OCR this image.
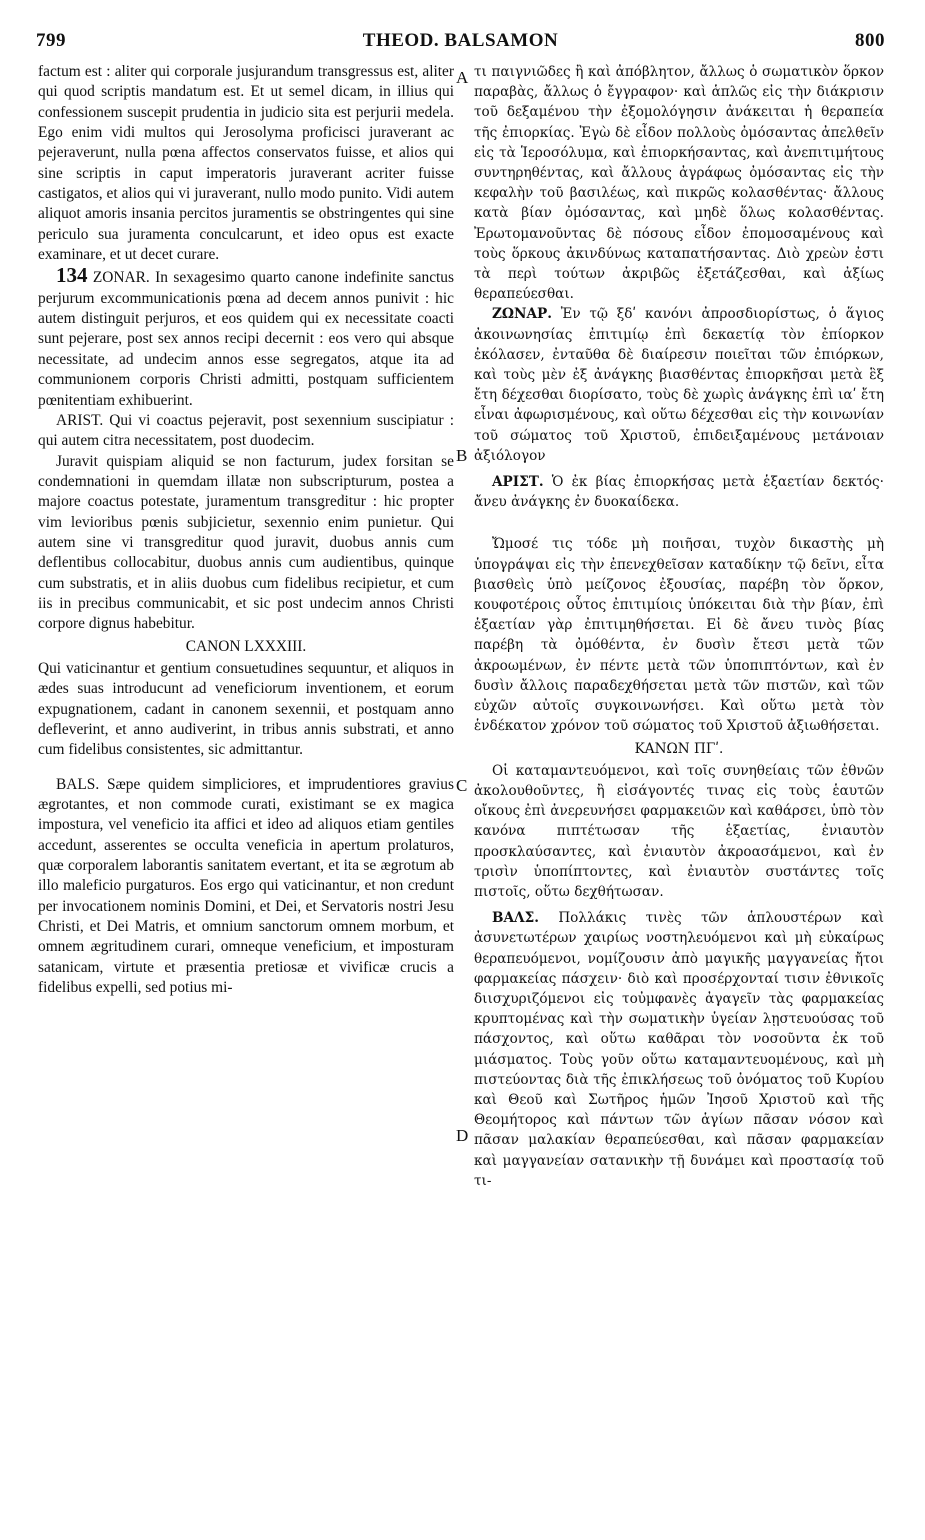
799	THEOD. BALSAMON	800
A
B
C
D

factum est : aliter qui corporale jusjurandum transgressus est, aliter qui quod scriptis mandatum est. Et ut semel dicam, in illius qui confessionem suscepit prudentia in judicio sita est perjurii medela. Ego enim vidi multos qui Jerosolyma proficisci juraverant ac pejeraverunt, nulla pœna affectos conservatos fuisse, et alios qui sine scriptis in caput imperatoris juraverant acriter fuisse castigatos, et alios qui vi juraverant, nullo modo punito. Vidi autem aliquot amoris insania percitos juramentis se obstringentes qui sine periculo sua juramenta conculcarunt, et ideo opus est exacte examinare, et ut decet curare.

134 ZONAR. In sexagesimo quarto canone indefinite sanctus perjurum excommunicationis pœna ad decem annos punivit : hic autem distinguit perjuros, et eos quidem qui ex necessitate coacti sunt pejerare, post sex annos recipi decernit : eos vero qui absque necessitate, ad undecim annos esse segregatos, atque ita ad communionem corporis Christi admitti, postquam sufficientem pœnitentiam exhibuerint.

ARIST. Qui vi coactus pejeravit, post sexennium suscipiatur : qui autem citra necessitatem, post duodecim.

Juravit quispiam aliquid se non facturum, judex forsitan se condemnationi in quemdam illatæ non subscripturum, postea a majore coactus potestate, juramentum transgreditur : hic propter vim levioribus pœnis subjicietur, sexennio enim punietur. Qui autem sine vi transgreditur quod juravit, duobus annis cum deflentibus collocabitur, duobus annis cum audientibus, quinque cum substratis, et in aliis duobus cum fidelibus recipietur, et cum iis in precibus communicabit, et sic post undecim annos Christi corpore dignus habebitur.

CANON LXXXIII.

Qui vaticinantur et gentium consuetudines sequuntur, et aliquos in ædes suas introducunt ad veneficiorum inventionem, et eorum expugnationem, cadant in canonem sexennii, et postquam anno defleverint, et anno audiverint, in tribus annis substrati, et anno cum fidelibus consistentes, sic admittantur.

BALS. Sæpe quidem simpliciores, et imprudentiores gravius ægrotantes, et non commode curati, existimant se ex magica impostura, vel veneficio ita affici et ideo ad aliquos etiam gentiles accedunt, asserentes se occulta veneficia in apertum prolaturos, quæ corporalem laborantis sanitatem evertant, et ita se ægrotum ab illo maleficio purgaturos. Eos ergo qui vaticinantur, et non credunt per invocationem nominis Domini, et Dei, et Servatoris nostri Jesu Christi, et Dei Matris, et omnium sanctorum omnem morbum, et omnem ægritudinem curari, omneque veneficium, et imposturam satanicam, virtute et præsentia pretiosæ et vivificæ crucis a fidelibus expelli, sed potius mi-

τι παιγνιῶδες ἢ καὶ ἀπόβλητον, ἄλλως ὁ σωματικὸν ὅρκον παραβὰς, ἄλλως ὁ ἔγγραφον· καὶ ἁπλῶς εἰς τὴν διάκρισιν τοῦ δεξαμένου τὴν ἐξομολόγησιν ἀνάκειται ἡ θεραπεία τῆς ἐπιορκίας. Ἐγὼ δὲ εἶδον πολλοὺς ὀμόσαντας ἀπελθεῖν εἰς τὰ Ἱεροσόλυμα, καὶ ἐπιορκήσαντας, καὶ ἀνεπιτιμήτους συντηρηθέντας, καὶ ἄλλους ἀγράφως ὀμόσαντας εἰς τὴν κεφαλὴν τοῦ βασιλέως, καὶ πικρῶς κολασθέντας· ἄλλους κατὰ βίαν ὀμόσαντας, καὶ μηδὲ ὅλως κολασθέντας. Ἐρωτομανοῦντας δὲ πόσους εἶδον ἐπομοσαμένους καὶ τοὺς ὅρκους ἀκινδύνως καταπατήσαντας. Διὸ χρεὼν ἐστι τὰ περὶ τούτων ἀκριβῶς ἐξετάζεσθαι, καὶ ἀξίως θεραπεύεσθαι.

ΖΩΝΑΡ. Ἐν τῷ ξδʹ κανόνι ἀπροσδιορίστως, ὁ ἅγιος ἀκοινωνησίας ἐπιτιμίῳ ἐπὶ δεκαετίᾳ τὸν ἐπίορκον ἐκόλασεν, ἐνταῦθα δὲ διαίρεσιν ποιεῖται τῶν ἐπιόρκων, καὶ τοὺς μὲν ἐξ ἀνάγκης βιασθέντας ἐπιορκῆσαι μετὰ ἓξ ἔτη δέχεσθαι διορίσατο, τοὺς δὲ χωρὶς ἀνάγκης ἐπὶ ιαʹ ἔτη εἶναι ἀφωρισμένους, καὶ οὕτω δέχεσθαι εἰς τὴν κοινωνίαν τοῦ σώματος τοῦ Χριστοῦ, ἐπιδειξαμένους μετάνοιαν ἀξιόλογον

ΑΡΙΣΤ. Ὁ ἐκ βίας ἐπιορκήσας μετὰ ἑξαετίαν δεκτός· ἄνευ ἀνάγκης ἐν δυοκαίδεκα.

Ὤμοσέ τις τόδε μὴ ποιῆσαι, τυχὸν δικαστὴς μὴ ὑπογράψαι εἰς τὴν ἐπενεχθεῖσαν καταδίκην τῷ δεῖνι, εἶτα βιασθεὶς ὑπὸ μείζονος ἐξουσίας, παρέβη τὸν ὅρκον, κουφοτέροις οὗτος ἐπιτιμίοις ὑπόκειται διὰ τὴν βίαν, ἐπὶ ἑξαετίαν γὰρ ἐπιτιμηθήσεται. Εἰ δὲ ἄνευ τινὸς βίας παρέβη τὰ ὀμόθέντα, ἐν δυσὶν ἔτεσι μετὰ τῶν ἀκροωμένων, ἐν πέντε μετὰ τῶν ὑποπιπτόντων, καὶ ἐν δυσὶν ἄλλοις παραδεχθήσεται μετὰ τῶν πιστῶν, καὶ τῶν εὐχῶν αὐτοῖς συγκοινωνήσει. Καὶ οὕτω μετὰ τὸν ἑνδέκατον χρόνον τοῦ σώματος τοῦ Χριστοῦ ἀξιωθήσεται.

ΚΑΝΩΝ ΠΓʹ.

Οἱ καταμαντευόμενοι, καὶ τοῖς συνηθείαις τῶν ἐθνῶν ἀκολουθοῦντες, ἢ εἰσάγοντές τινας εἰς τοὺς ἑαυτῶν οἴκους ἐπὶ ἀνερευνήσει φαρμακειῶν καὶ καθάρσει, ὑπὸ τὸν κανόνα πιπτέτωσαν τῆς ἑξαετίας, ἐνιαυτὸν προσκλαύσαντες, καὶ ἐνιαυτὸν ἀκροασάμενοι, καὶ ἐν τρισὶν ὑποπίπτοντες, καὶ ἐνιαυτὸν συστάντες τοῖς πιστοῖς, οὕτω δεχθήτωσαν.

ΒΑΛΣ. Πολλάκις τινὲς τῶν ἁπλουστέρων καὶ ἀσυνετωτέρων χαιρίως νοστηλευόμενοι καὶ μὴ εὐκαίρως θεραπευόμενοι, νομίζουσιν ἀπὸ μαγικῆς μαγγανείας ἤτοι φαρμακείας πάσχειν· διὸ καὶ προσέρχονταί τισιν ἐθνικοῖς διισχυριζόμενοι εἰς τοὐμφανὲς ἀγαγεῖν τὰς φαρμακείας κρυπτομένας καὶ τὴν σωματικὴν ὑγείαν λῃστευούσας τοῦ πάσχοντος, καὶ οὕτω καθᾶραι τὸν νοσοῦντα ἐκ τοῦ μιάσματος. Τοὺς γοῦν οὕτω καταμαντευομένους, καὶ μὴ πιστεύοντας διὰ τῆς ἐπικλήσεως τοῦ ὀνόματος τοῦ Κυρίου καὶ Θεοῦ καὶ Σωτῆρος ἡμῶν Ἰησοῦ Χριστοῦ καὶ τῆς Θεομήτορος καὶ πάντων τῶν ἁγίων πᾶσαν νόσον καὶ πᾶσαν μαλακίαν θεραπεύεσθαι, καὶ πᾶσαν φαρμακείαν καὶ μαγγανείαν σατανικὴν τῇ δυνάμει καὶ προστασίᾳ τοῦ τι-
